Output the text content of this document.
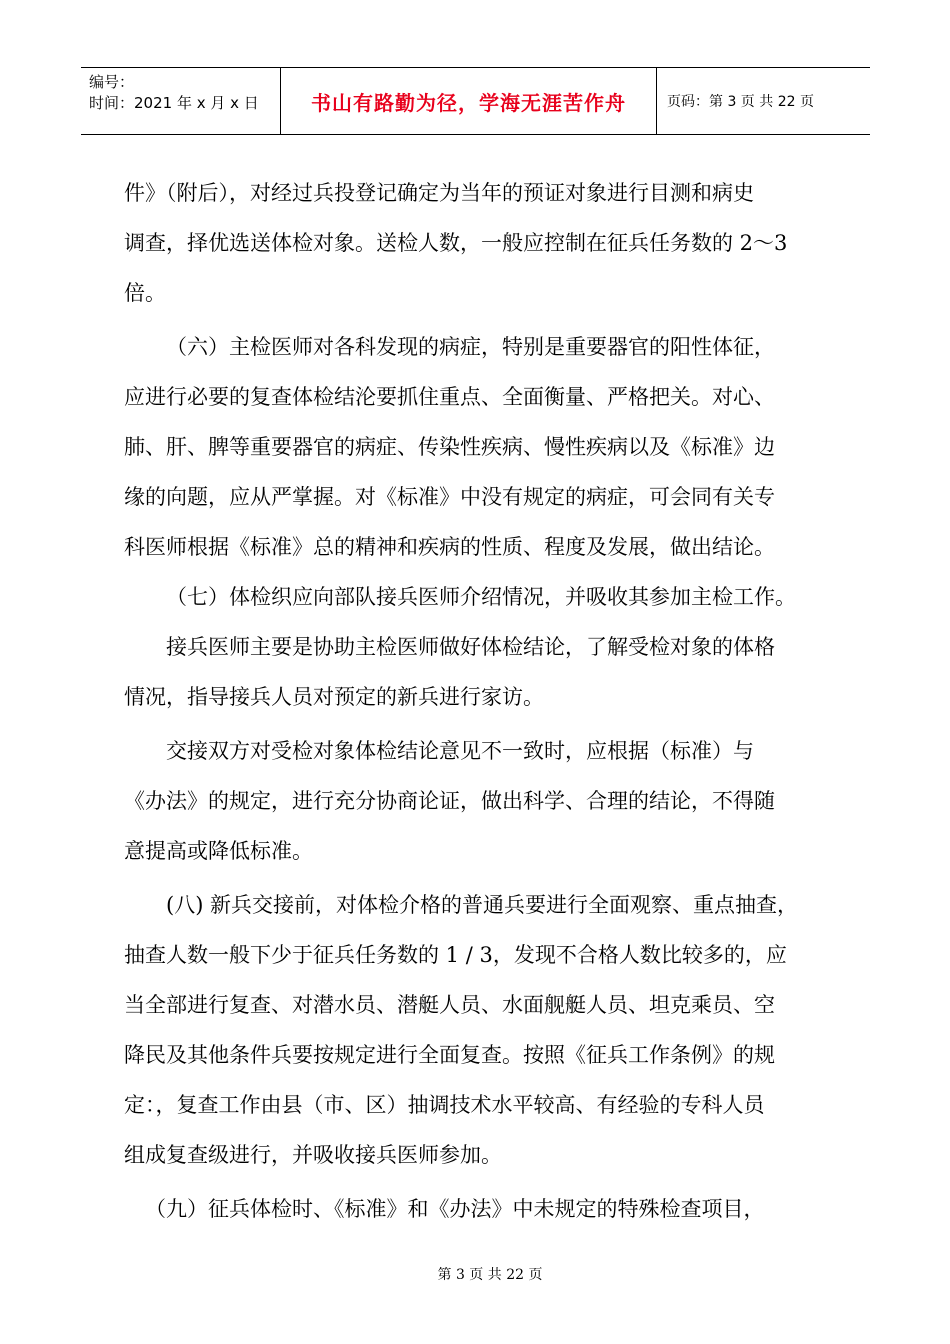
编号：
时间：2021 年 x 月 x 日	书山有路勤为径，学海无涯苦作舟	页码：第 3 页 共 22 页

件》（附后），对经过兵投登记确定为当年的预证对象进行目测和病史

调查，择优选送体检对象。送检人数，一般应控制在征兵任务数的 2～3

倍。

（六）主检医师对各科发现的病症，特别是重要器官的阳性体征，

应进行必要的复查体检结沦要抓住重点、全面衡量、严格把关。对心、

肺、肝、脾等重要器官的病症、传染性疾病、慢性疾病以及《标准》边

缘的向题，应从严掌握。对《标准》中没有规定的病症，可会同有关专

科医师根据《标准》总的精神和疾病的性质、程度及发展，做出结论。

（七）体检织应向部队接兵医师介绍情况，并吸收其参加主检工作。

接兵医师主要是协助主检医师做好体检结论，了解受检对象的体格

情况，指导接兵人员对预定的新兵进行家访。

交接双方对受检对象体检结论意见不一致时，应根据（标准）与

《办法》的规定，进行充分协商论证，做出科学、合理的结论，不得随

意提高或降低标准。

(八) 新兵交接前，对体检介格的普通兵要进行全面观察、重点抽查，

抽查人数一般下少于征兵任务数的 1 / 3，发现不合格人数比较多的，应

当全部进行复查、对潜水员、潜艇人员、水面舰艇人员、坦克乘员、空

降民及其他条件兵要按规定进行全面复查。按照《征兵工作条例》的规

定：，复查工作由县（市、区）抽调技术水平较高、有经验的专科人员

组成复查级进行，并吸收接兵医师参加。

（九）征兵体检时、《标准》和《办法》中未规定的特殊检查项目，

第 3 页 共 22 页
